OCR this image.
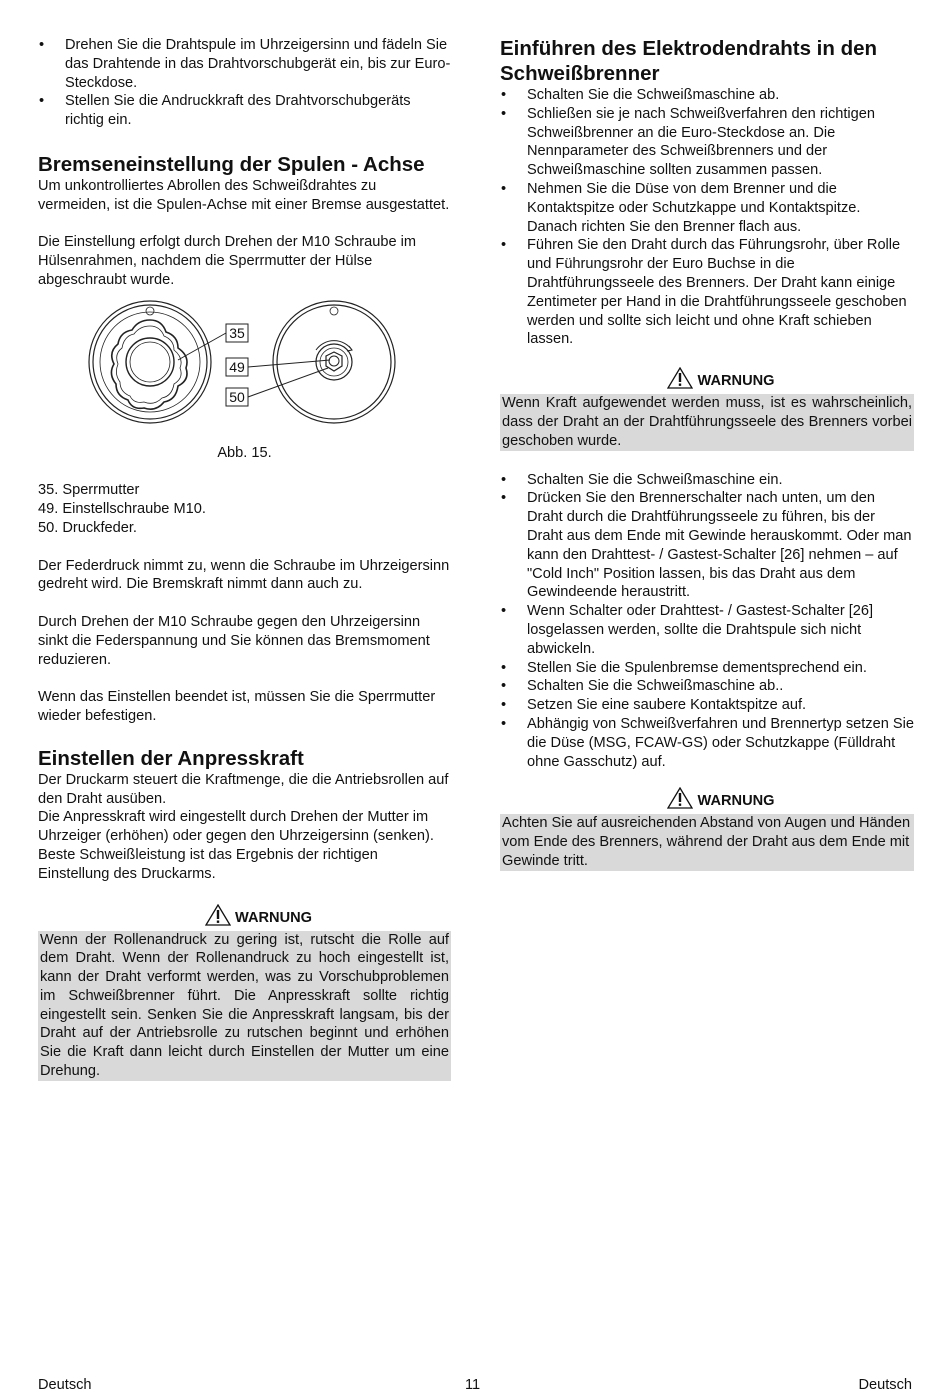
• Drehen Sie die Drahtspule im Uhrzeigersinn und fädeln Sie das Drahtende in das Drahtvorschubgerät ein, bis zur Euro-Steckdose.
• Stellen Sie die Andruckkraft des Drahtvorschubgeräts richtig ein.
Bremseneinstellung der Spulen - Achse

Um unkontrolliertes Abrollen des Schweißdrahtes zu vermeiden, ist die Spulen-Achse mit einer Bremse ausgestattet.

Die Einstellung erfolgt durch Drehen der M10 Schraube im Hülsenrahmen, nachdem die Sperrmutter der Hülse abgeschraubt wurde.

35
49
50

Abb. 15.

35. Sperrmutter

49. Einstellschraube M10.

50. Druckfeder.

Der Federdruck nimmt zu, wenn die Schraube im Uhrzeigersinn gedreht wird. Die Bremskraft nimmt dann auch zu.

Durch Drehen der M10 Schraube gegen den Uhrzeigersinn sinkt die Federspannung und Sie können das Bremsmoment reduzieren.

Wenn das Einstellen beendet ist, müssen Sie die Sperrmutter wieder befestigen.

Einstellen der Anpresskraft

Der Druckarm steuert die Kraftmenge, die die Antriebsrollen auf den Draht ausüben.

Die Anpresskraft wird eingestellt durch Drehen der Mutter im Uhrzeiger (erhöhen) oder gegen den Uhrzeigersinn (senken). Beste Schweißleistung ist das Ergebnis der richtigen Einstellung des Druckarms.

WARNUNG
Wenn der Rollenandruck zu gering ist, rutscht die Rolle auf dem Draht. Wenn der Rollenandruck zu hoch eingestellt ist, kann der Draht verformt werden, was zu Vorschubproblemen im Schweißbrenner führt. Die Anpresskraft sollte richtig eingestellt sein. Senken Sie die Anpresskraft langsam, bis der Draht auf der Antriebsrolle zu rutschen beginnt und erhöhen Sie die Kraft dann leicht durch Einstellen der Mutter um eine Drehung.
Einführen des Elektrodendrahts in den Schweißbrenner
• Schalten Sie die Schweißmaschine ab.
• Schließen sie je nach Schweißverfahren den richtigen Schweißbrenner an die Euro-Steckdose an. Die Nennparameter des Schweißbrenners und der Schweißmaschine sollten zusammen passen.
• Nehmen Sie die Düse von dem Brenner und die Kontaktspitze oder Schutzkappe und Kontaktspitze. Danach richten Sie den Brenner flach aus.
• Führen Sie den Draht durch das Führungsrohr, über Rolle und Führungsrohr der Euro Buchse in die Drahtführungsseele des Brenners. Der Draht kann einige Zentimeter per Hand in die Drahtführungsseele geschoben werden und sollte sich leicht und ohne Kraft schieben lassen.
WARNUNG
Wenn Kraft aufgewendet werden muss, ist es wahrscheinlich, dass der Draht an der Drahtführungsseele des Brenners vorbei geschoben wurde.
• Schalten Sie die Schweißmaschine ein.
• Drücken Sie den Brennerschalter nach unten, um den Draht durch die Drahtführungsseele zu führen, bis der Draht aus dem Ende mit Gewinde herauskommt. Oder man kann den Drahttest- / Gastest-Schalter [26] nehmen – auf "Cold Inch" Position lassen, bis das Draht aus dem Gewindeende heraustritt.
• Wenn Schalter oder Drahttest- / Gastest-Schalter [26] losgelassen werden, sollte die Drahtspule sich nicht abwickeln.
• Stellen Sie die Spulenbremse dementsprechend ein.
• Schalten Sie die Schweißmaschine ab..
• Setzen Sie eine saubere Kontaktspitze auf.
• Abhängig von Schweißverfahren und Brennertyp setzen Sie die Düse (MSG, FCAW-GS) oder Schutzkappe (Fülldraht ohne Gasschutz) auf.
WARNUNG
Achten Sie auf ausreichenden Abstand von Augen und Händen vom Ende des Brenners, während der Draht aus dem Ende mit Gewinde tritt.
Deutsch	11	Deutsch
